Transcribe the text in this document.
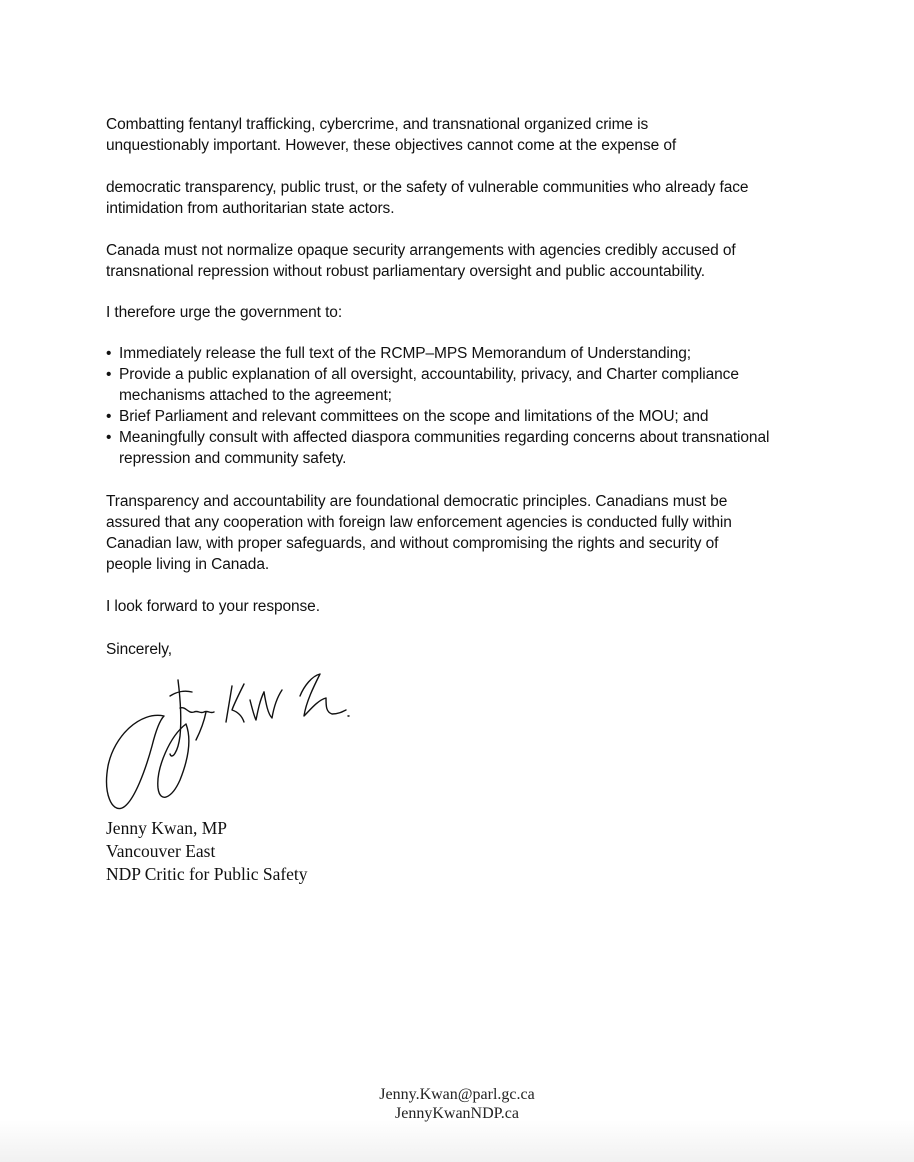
Combatting fentanyl trafficking, cybercrime, and transnational organized crime is
unquestionably important. However, these objectives cannot come at the expense of

democratic transparency, public trust, or the safety of vulnerable communities who already face
intimidation from authoritarian state actors.

Canada must not normalize opaque security arrangements with agencies credibly accused of
transnational repression without robust parliamentary oversight and public accountability.

I therefore urge the government to:

• Immediately release the full text of the RCMP–MPS Memorandum of Understanding;
• Provide a public explanation of all oversight, accountability, privacy, and Charter compliance mechanisms attached to the agreement;
• Brief Parliament and relevant committees on the scope and limitations of the MOU; and
• Meaningfully consult with affected diaspora communities regarding concerns about transnational repression and community safety.

Transparency and accountability are foundational democratic principles. Canadians must be
assured that any cooperation with foreign law enforcement agencies is conducted fully within
Canadian law, with proper safeguards, and without compromising the rights and security of
people living in Canada.

I look forward to your response.

Sincerely,

Jenny Kwan, MP
Vancouver East
NDP Critic for Public Safety
Jenny.Kwan@parl.gc.ca
JennyKwanNDP.ca
